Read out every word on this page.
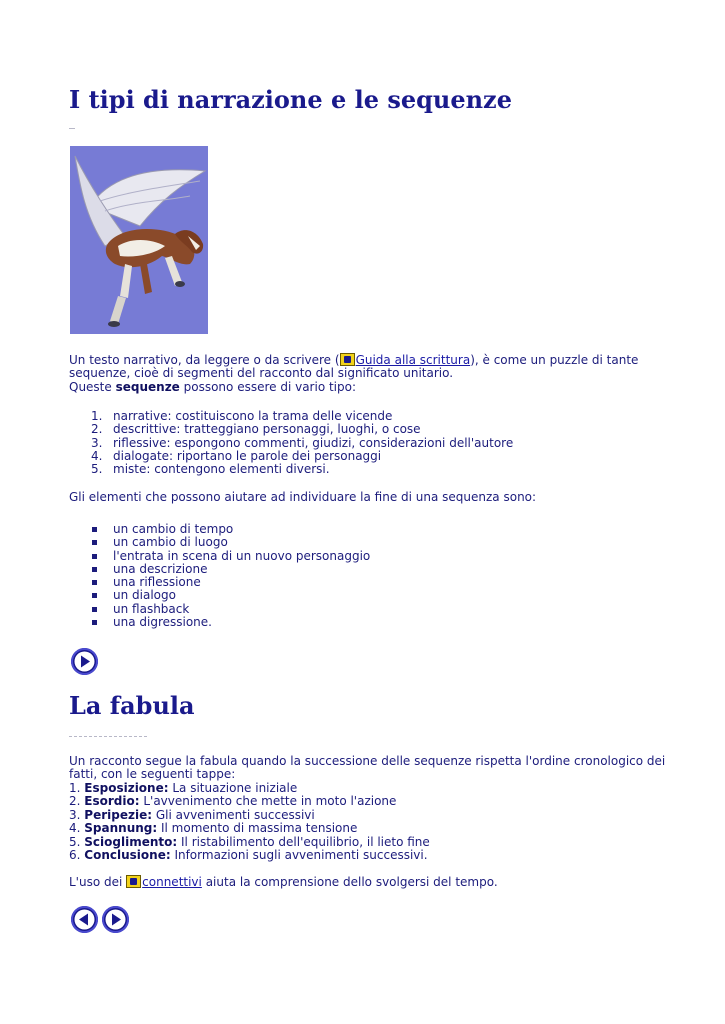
I tipi di narrazione e le sequenze
Un testo narrativo, da leggere o da scrivere ( Guida alla scrittura), è come un puzzle di tante sequenze, cioè di segmenti del racconto dal significato unitario.
Queste sequenze possono essere di vario tipo:
1. narrative: costituiscono la trama delle vicende
2. descrittive: tratteggiano personaggi, luoghi, o cose
3. riflessive: espongono commenti, giudizi, considerazioni dell'autore
4. dialogate: riportano le parole dei personaggi
5. miste: contengono elementi diversi.
Gli elementi che possono aiutare ad individuare la fine di una sequenza sono:
un cambio di tempo
un cambio di luogo
l'entrata in scena di un nuovo personaggio
una descrizione
una riflessione
un dialogo
un flashback
una digressione.
La fabula
Un racconto segue la fabula quando la successione delle sequenze rispetta l'ordine cronologico dei fatti, con le seguenti tappe:
1. Esposizione: La situazione iniziale
2. Esordio: L'avvenimento che mette in moto l'azione
3. Peripezie: Gli avvenimenti successivi
4. Spannung: Il momento di massima tensione
5. Scioglimento: Il ristabilimento dell'equilibrio, il lieto fine
6. Conclusione: Informazioni sugli avvenimenti successivi.
L'uso dei connettivi aiuta la comprensione dello svolgersi del tempo.
